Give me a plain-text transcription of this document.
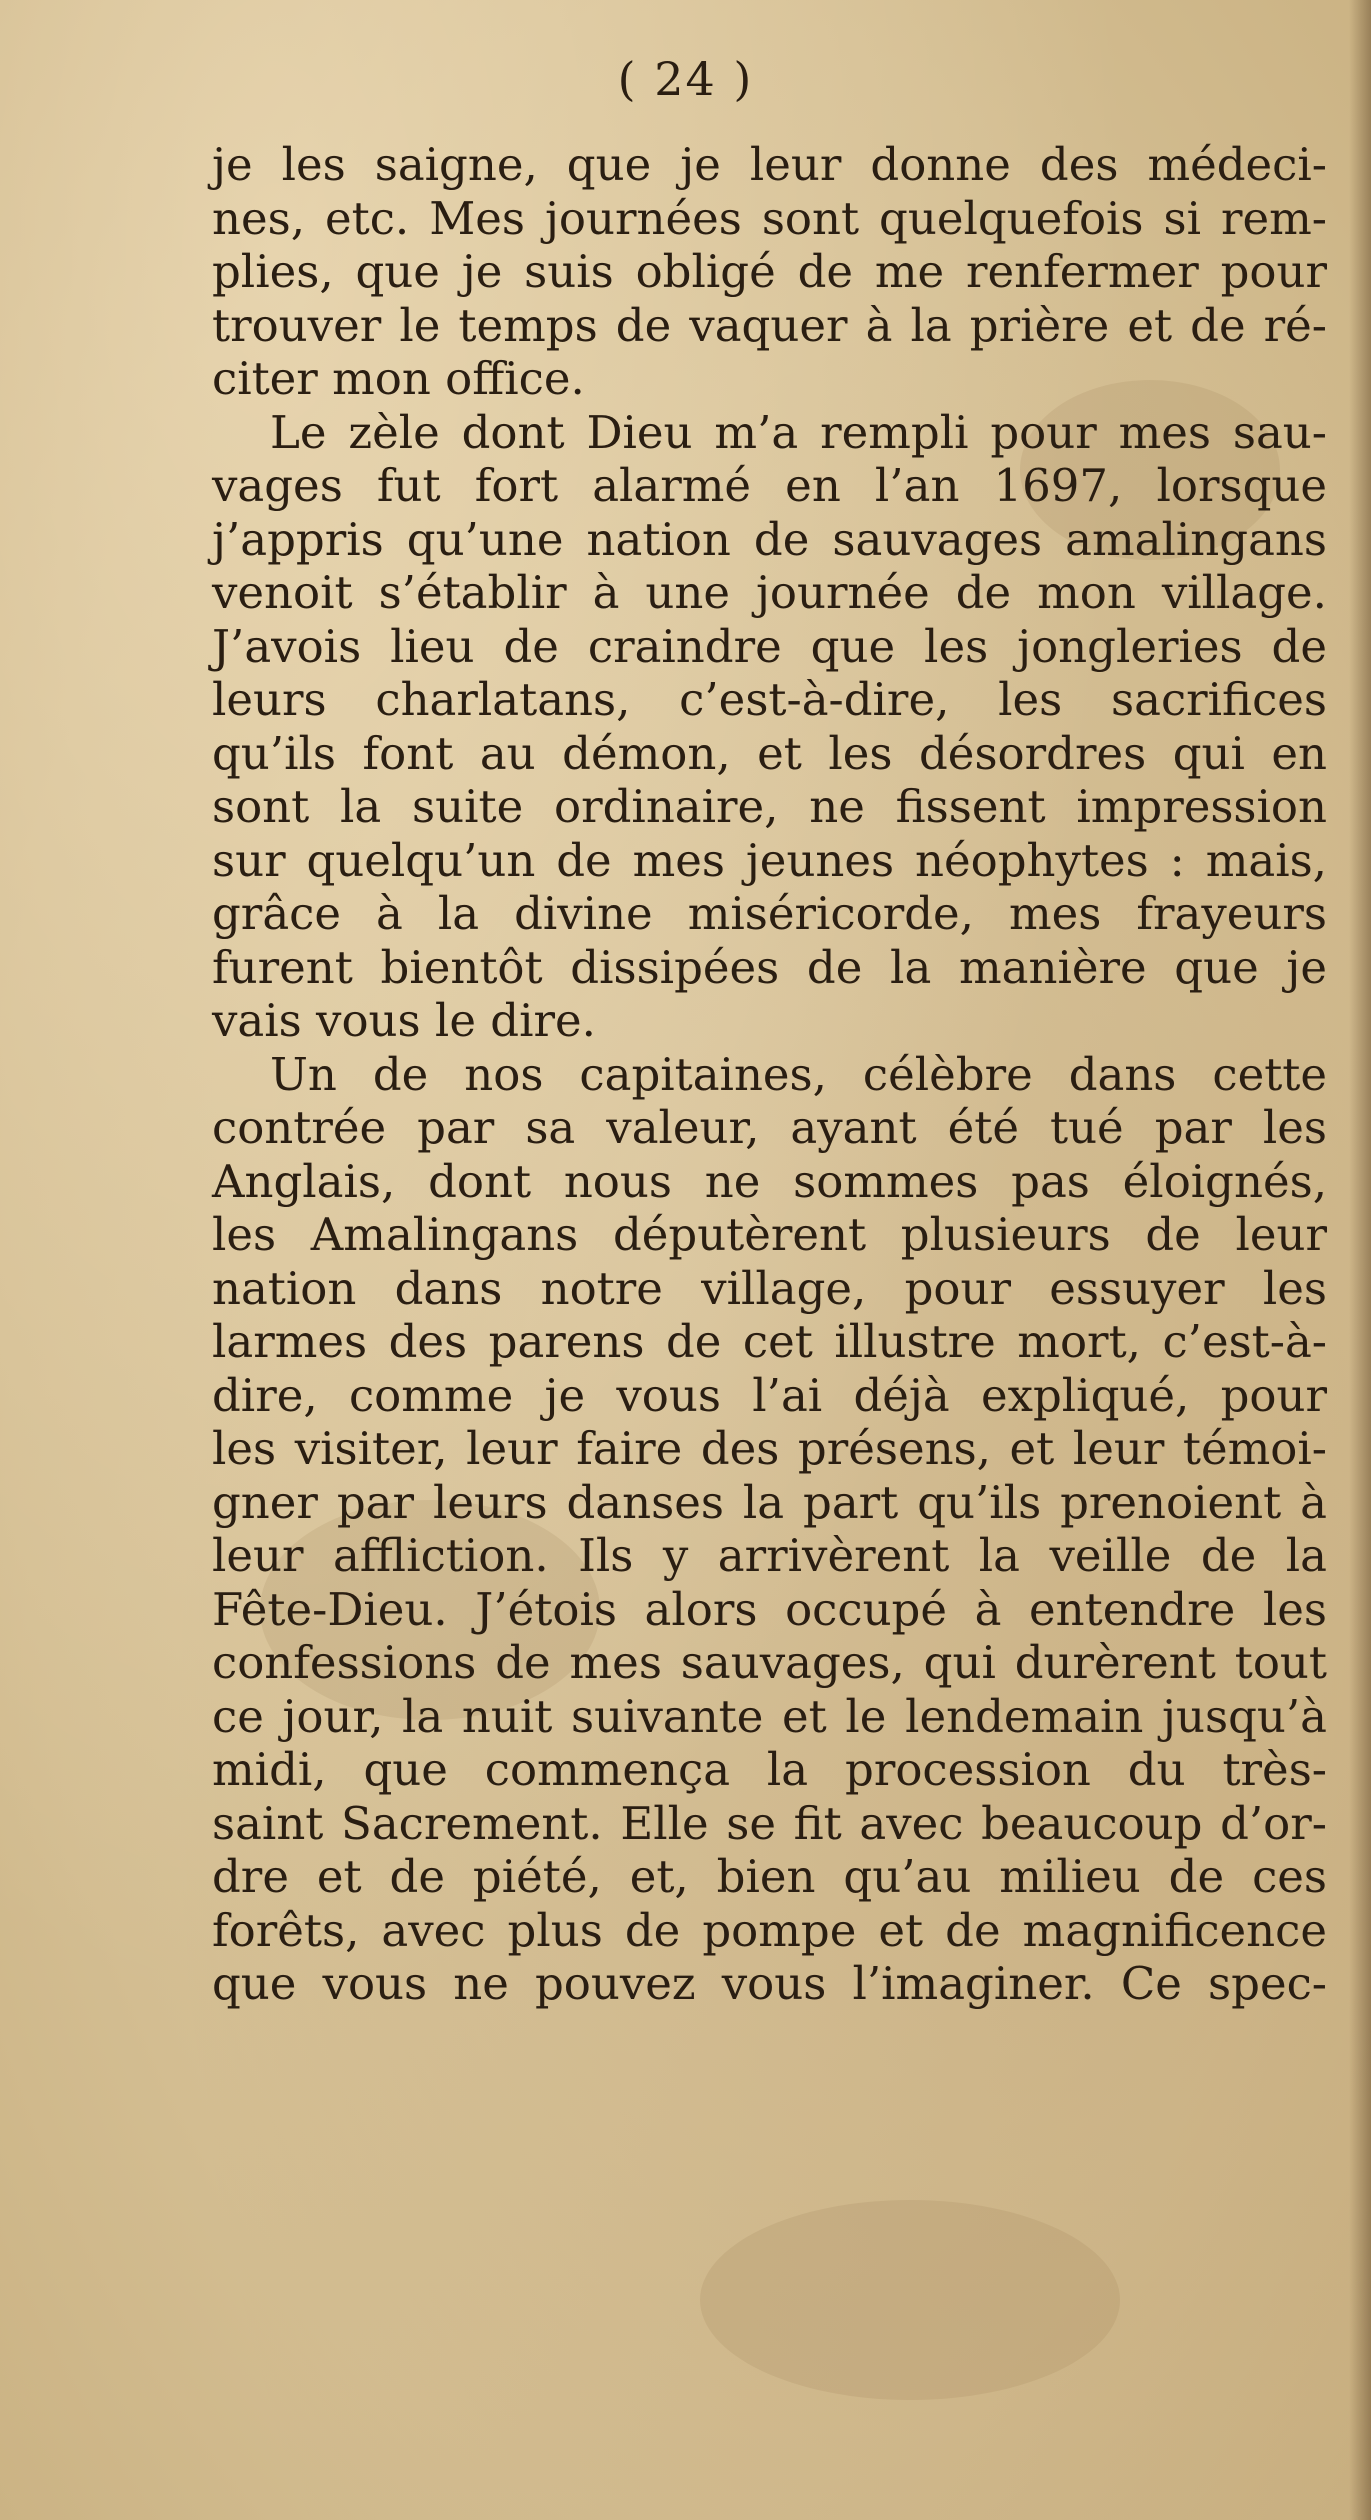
( 24 )
je les saigne, que je leur donne des médeci-
nes, etc. Mes journées sont quelquefois si rem-
plies, que je suis obligé de me renfermer pour
trouver le temps de vaquer à la prière et de ré-
citer mon office.
Le zèle dont Dieu m’a rempli pour mes sau-
vages fut fort alarmé en l’an 1697, lorsque
j’appris qu’une nation de sauvages amalingans
venoit s’établir à une journée de mon village.
J’avois lieu de craindre que les jongleries de
leurs charlatans, c’est-à-dire, les sacrifices
qu’ils font au démon, et les désordres qui en
sont la suite ordinaire, ne fissent impression
sur quelqu’un de mes jeunes néophytes : mais,
grâce à la divine miséricorde, mes frayeurs
furent bientôt dissipées de la manière que je
vais vous le dire.
Un de nos capitaines, célèbre dans cette
contrée par sa valeur, ayant été tué par les
Anglais, dont nous ne sommes pas éloignés,
les Amalingans députèrent plusieurs de leur
nation dans notre village, pour essuyer les
larmes des parens de cet illustre mort, c’est-à-
dire, comme je vous l’ai déjà expliqué, pour
les visiter, leur faire des présens, et leur témoi-
gner par leurs danses la part qu’ils prenoient à
leur affliction. Ils y arrivèrent la veille de la
Fête-Dieu. J’étois alors occupé à entendre les
confessions de mes sauvages, qui durèrent tout
ce jour, la nuit suivante et le lendemain jusqu’à
midi, que commença la procession du très-
saint Sacrement. Elle se fit avec beaucoup d’or-
dre et de piété, et, bien qu’au milieu de ces
forêts, avec plus de pompe et de magnificence
que vous ne pouvez vous l’imaginer. Ce spec-
